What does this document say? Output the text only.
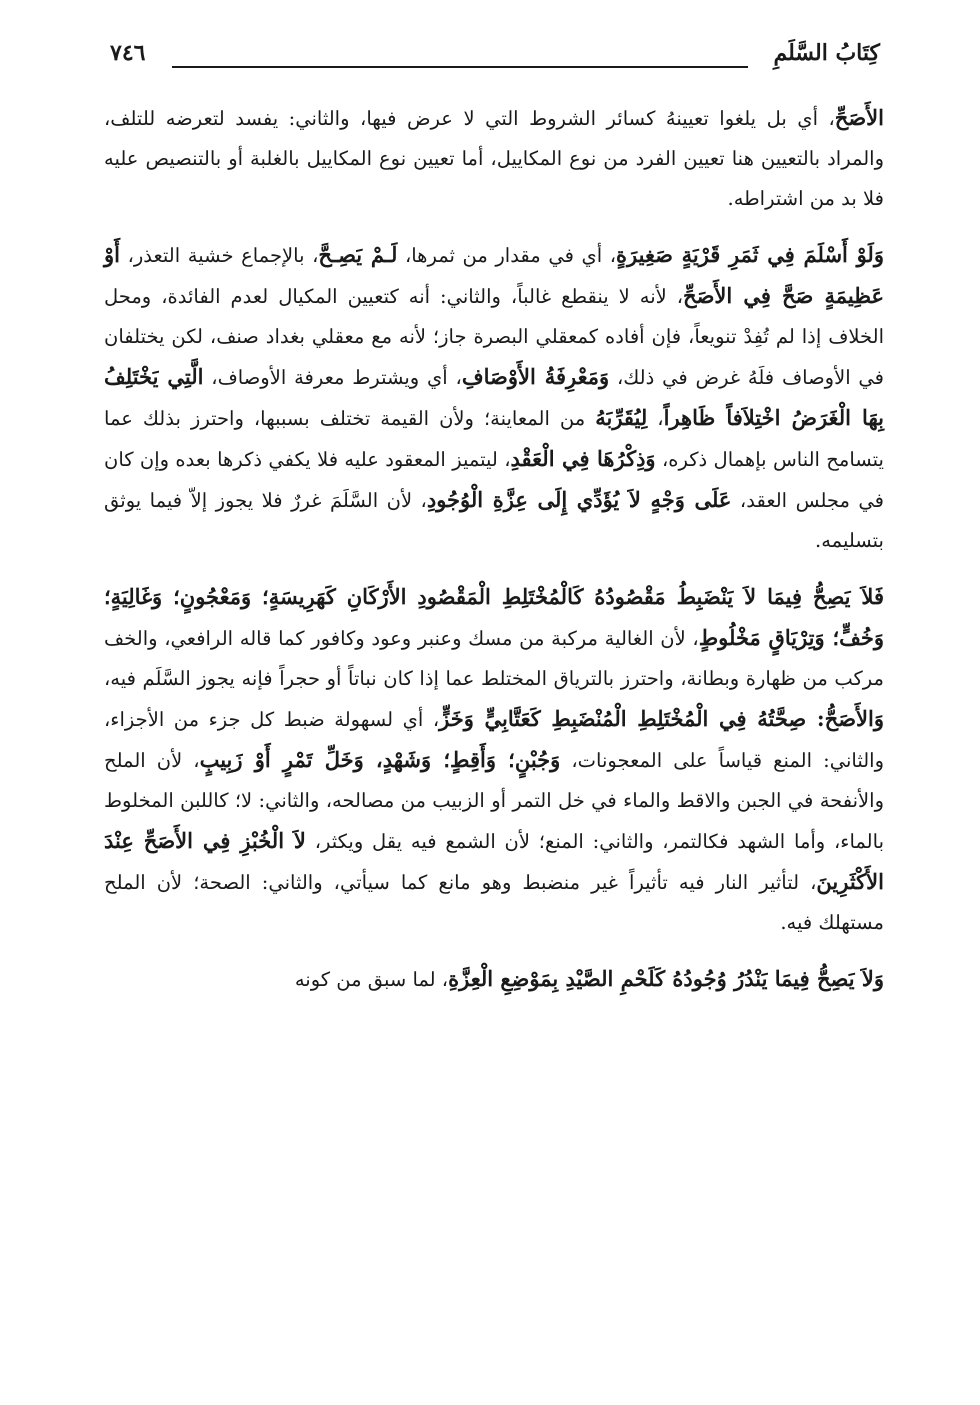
كِتَابُ السَّلَمِ
٧٤٦

الأَصَحِّ، أي بل يلغوا تعيينهُ كسائر الشروط التي لا عرض فيها، والثاني: يفسد لتعرضه للتلف، والمراد بالتعيين هنا تعيين الفرد من نوع المكاييل، أما تعيين نوع المكاييل بالغلبة أو بالتنصيص عليه فلا بد من اشتراطه.

وَلَوْ أَسْلَمَ فِي ثَمَرِ قَرْيَةٍ صَغِيرَةٍ، أي في مقدار من ثمرها، لَـمْ يَصِـحَّ، بالإجماع خشية التعذر، أَوْ عَظِيمَةٍ صَحَّ فِي الأَصَحِّ، لأنه لا ينقطع غالباً، والثاني: أنه كتعيين المكيال لعدم الفائدة، ومحل الخلاف إذا لم تُفِدْ تنويعاً، فإن أفاده كمعقلي البصرة جاز؛ لأنه مع معقلي بغداد صنف، لكن يختلفان في الأوصاف فلَهُ غرض في ذلك، وَمَعْرِفَةُ الأَوْصَافِ، أي ويشترط معرفة الأوصاف، الَّتِي يَخْتَلِفُ بِهَا الْغَرَضُ اخْتِلاَفاً ظَاهِراً، لِيُقَرِّبَهُ من المعاينة؛ ولأن القيمة تختلف بسببها، واحترز بذلك عما يتسامح الناس بإهمال ذكره، وَذِكْرُهَا فِي الْعَقْدِ، ليتميز المعقود عليه فلا يكفي ذكرها بعده وإن كان في مجلس العقد، عَلَى وَجْهٍ لاَ يُؤَدِّي إِلَى عِزَّةِ الْوُجُودِ، لأن السَّلَمَ غررٌ فلا يجوز إلاّ فيما يوثق بتسليمه.

فَلاَ يَصِحُّ فِيمَا لاَ يَنْضَبِطُ مَقْصُودُهُ كَالْمُخْتَلِطِ الْمَقْصُودِ الأَرْكَانِ كَهَرِيسَةٍ؛ وَمَعْجُونٍ؛ وَغَالِيَةٍ؛ وَخُفٍّ؛ وَتِرْيَاقٍ مَخْلُوطٍ، لأن الغالية مركبة من مسك وعنبر وعود وكافور كما قاله الرافعي، والخف مركب من ظهارة وبطانة، واحترز بالترياق المختلط عما إذا كان نباتاً أو حجراً فإنه يجوز السَّلَم فيه، وَالأَصَحُّ: صِحَّتُهُ فِي الْمُخْتَلِطِ الْمُنْضَبِطِ كَعَتَّابِيٍّ وَخَزٍّ، أي لسهولة ضبط كل جزء من الأجزاء، والثاني: المنع قياساً على المعجونات، وَجُبْنٍ؛ وَأَقِطٍ؛ وَشَهْدٍ، وَخَلِّ تَمْرٍ أَوْ زَبِيبٍ، لأن الملح والأنفحة في الجبن والاقط والماء في خل التمر أو الزبيب من مصالحه، والثاني: لا؛ كاللبن المخلوط بالماء، وأما الشهد فكالتمر، والثاني: المنع؛ لأن الشمع فيه يقل ويكثر، لاَ الْخُبْزِ فِي الأَصَحِّ عِنْدَ الأَكْثَرِينَ، لتأثير النار فيه تأثيراً غير منضبط وهو مانع كما سيأتي، والثاني: الصحة؛ لأن الملح مستهلك فيه.

وَلاَ يَصِحُّ فِيمَا يَنْدُرُ وُجُودُهُ كَلَحْمِ الصَّيْدِ بِمَوْضِعِ الْعِزَّةِ، لما سبق من كونه
